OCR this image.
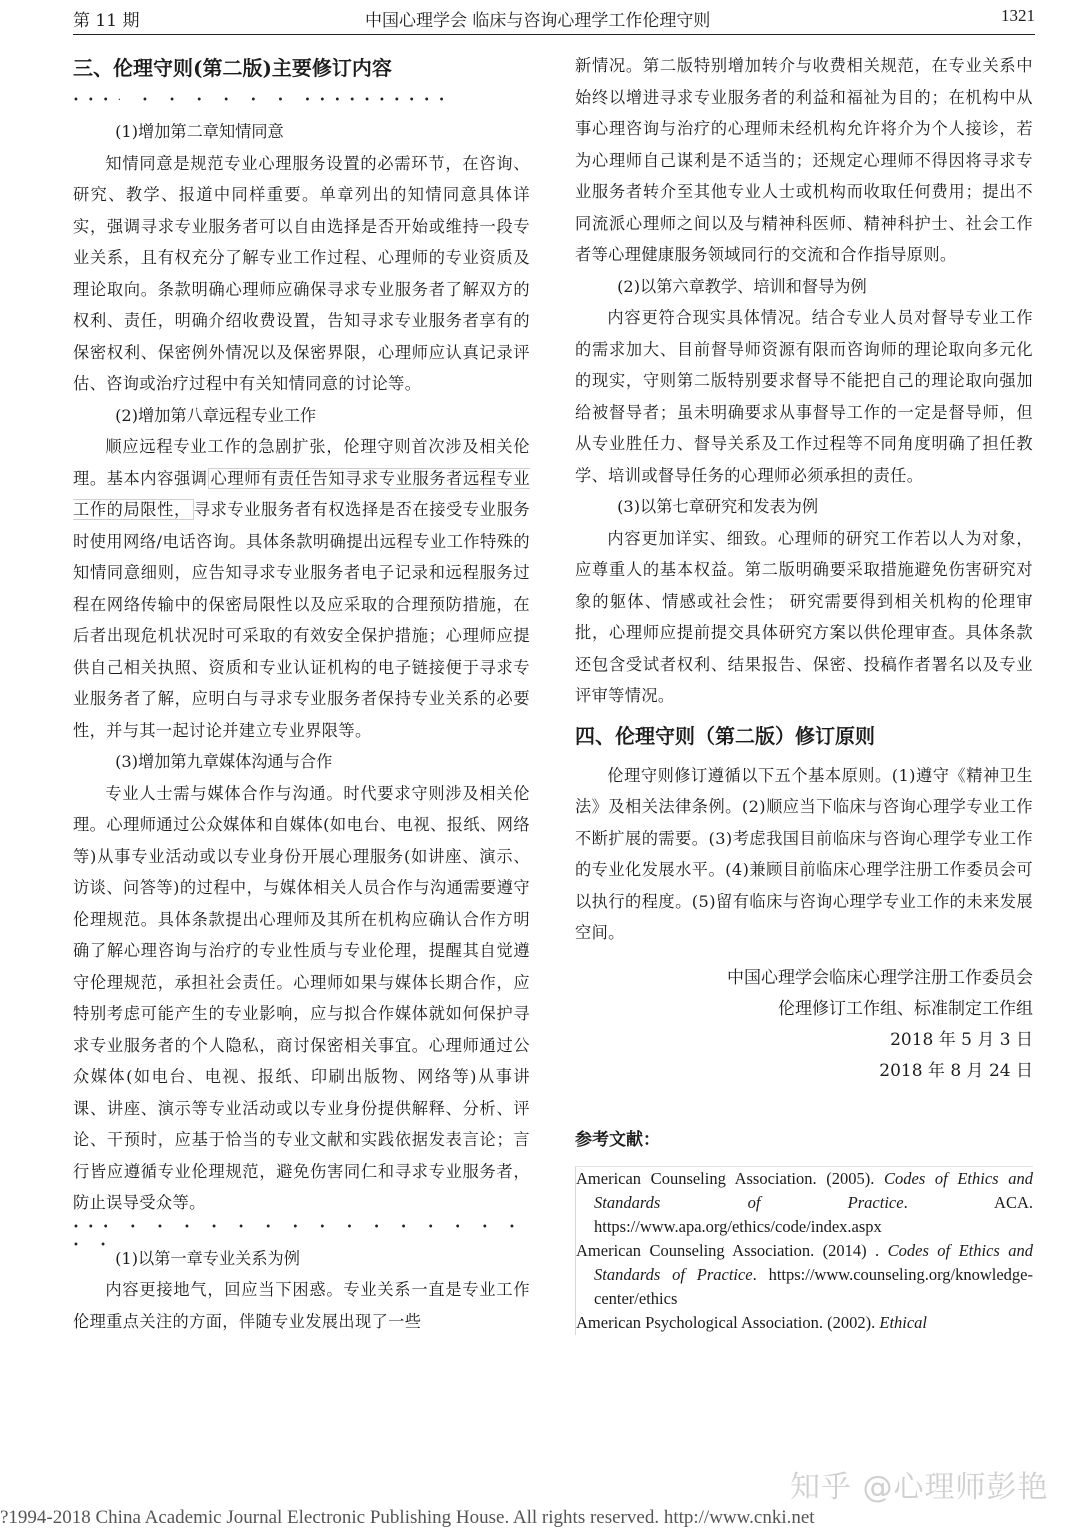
第 11 期	中国心理学会 临床与咨询心理学工作伦理守则	1321
三、伦理守则(第二版)主要修订内容
•••· • • • • • • ••••••••••

(1)增加第二章知情同意

知情同意是规范专业心理服务设置的必需环节，在咨询、研究、教学、报道中同样重要。单章列出的知情同意具体详实，强调寻求专业服务者可以自由选择是否开始或维持一段专业关系，且有权充分了解专业工作过程、心理师的专业资质及理论取向。条款明确心理师应确保寻求专业服务者了解双方的权利、责任，明确介绍收费设置，告知寻求专业服务者享有的保密权利、保密例外情况以及保密界限，心理师应认真记录评估、咨询或治疗过程中有关知情同意的讨论等。

(2)增加第八章远程专业工作

顺应远程专业工作的急剧扩张，伦理守则首次涉及相关伦理。基本内容强调 心理师有责任告知寻求专业服务者远程专业工作的局限性， 寻求专业服务者有权选择是否在接受专业服务时使用网络/电话咨询。具体条款明确提出远程专业工作特殊的知情同意细则，应告知寻求专业服务者电子记录和远程服务过程在网络传输中的保密局限性以及应采取的合理预防措施，在后者出现危机状况时可采取的有效安全保护措施；心理师应提供自己相关执照、资质和专业认证机构的电子链接便于寻求专业服务者了解，应明白与寻求专业服务者保持专业关系的必要性，并与其一起讨论并建立专业界限等。

(3)增加第九章媒体沟通与合作

专业人士需与媒体合作与沟通。时代要求守则涉及相关伦理。心理师通过公众媒体和自媒体(如电台、电视、报纸、网络等)从事专业活动或以专业身份开展心理服务(如讲座、演示、访谈、问答等)的过程中，与媒体相关人员合作与沟通需要遵守伦理规范。具体条款提出心理师及其所在机构应确认合作方明确了解心理咨询与治疗的专业性质与专业伦理，提醒其自觉遵守伦理规范，承担社会责任。心理师如果与媒体长期合作，应特别考虑可能产生的专业影响，应与拟合作媒体就如何保护寻求专业服务者的个人隐私，商讨保密相关事宜。心理师通过公众媒体(如电台、电视、报纸、印刷出版物、网络等)从事讲课、讲座、演示等专业活动或以专业身份提供解释、分析、评论、干预时，应基于恰当的专业文献和实践依据发表言论；言行皆应遵循专业伦理规范，避免伤害同仁和寻求专业服务者，防止误导受众等。

••• • • • • • • • • • • • • • • • • •

(1)以第一章专业关系为例

内容更接地气，回应当下困惑。专业关系一直是专业工作伦理重点关注的方面，伴随专业发展出现了一些

新情况。第二版特别增加转介与收费相关规范，在专业关系中始终以增进寻求专业服务者的利益和福祉为目的；在机构中从事心理咨询与治疗的心理师未经机构允许将介为个人接诊，若为心理师自己谋利是不适当的；还规定心理师不得因将寻求专业服务者转介至其他专业人士或机构而收取任何费用；提出不同流派心理师之间以及与精神科医师、精神科护士、社会工作者等心理健康服务领域同行的交流和合作指导原则。

(2)以第六章教学、培训和督导为例

内容更符合现实具体情况。结合专业人员对督导专业工作的需求加大、目前督导师资源有限而咨询师的理论取向多元化的现实，守则第二版特别要求督导不能把自己的理论取向强加给被督导者；虽未明确要求从事督导工作的一定是督导师，但从专业胜任力、督导关系及工作过程等不同角度明确了担任教学、培训或督导任务的心理师必须承担的责任。

(3)以第七章研究和发表为例

内容更加详实、细致。心理师的研究工作若以人为对象，应尊重人的基本权益。第二版明确要采取措施避免伤害研究对象的躯体、情感或社会性； 研究需要得到相关机构的伦理审批，心理师应提前提交具体研究方案以供伦理审查。具体条款还包含受试者权利、结果报告、保密、投稿作者署名以及专业评审等情况。

四、伦理守则（第二版）修订原则

伦理守则修订遵循以下五个基本原则。(1)遵守《精神卫生法》及相关法律条例。(2)顺应当下临床与咨询心理学专业工作不断扩展的需要。(3)考虑我国目前临床与咨询心理学专业工作的专业化发展水平。(4)兼顾目前临床心理学注册工作委员会可以执行的程度。(5)留有临床与咨询心理学专业工作的未来发展空间。

中国心理学会临床心理学注册工作委员会
伦理修订工作组、标准制定工作组
2018 年 5 月 3 日
2018 年 8 月 24 日
参考文献：
American Counseling Association. (2005). Codes of Ethics and Standards of Practice. ACA. https://www.apa.org/ethics/code/index.aspx
American Counseling Association. (2014) . Codes of Ethics and Standards of Practice. https://www.counseling.org/knowledge-center/ethics
American Psychological Association. (2002). Ethical
知乎 @心理师彭艳
?1994-2018 China Academic Journal Electronic Publishing House. All rights reserved. http://www.cnki.net
